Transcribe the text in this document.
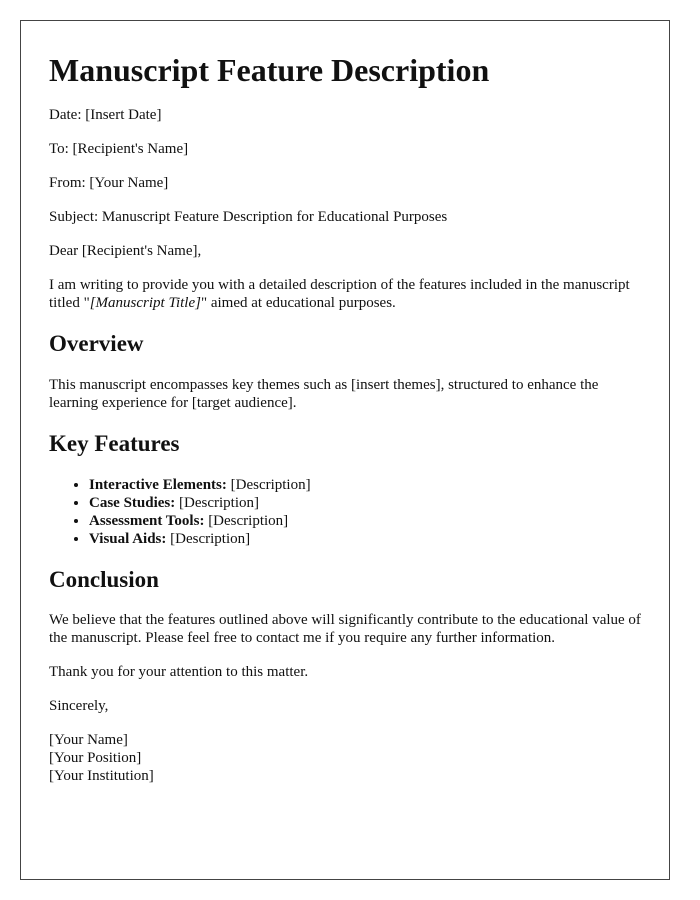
Manuscript Feature Description

Date: [Insert Date]

To: [Recipient's Name]

From: [Your Name]

Subject: Manuscript Feature Description for Educational Purposes

Dear [Recipient's Name],

I am writing to provide you with a detailed description of the features included in the manuscript titled "[Manuscript Title]" aimed at educational purposes.

Overview

This manuscript encompasses key themes such as [insert themes], structured to enhance the learning experience for [target audience].

Key Features
• Interactive Elements: [Description]
• Case Studies: [Description]
• Assessment Tools: [Description]
• Visual Aids: [Description]
Conclusion

We believe that the features outlined above will significantly contribute to the educational value of the manuscript. Please feel free to contact me if you require any further information.

Thank you for your attention to this matter.

Sincerely,

[Your Name]
[Your Position]
[Your Institution]
